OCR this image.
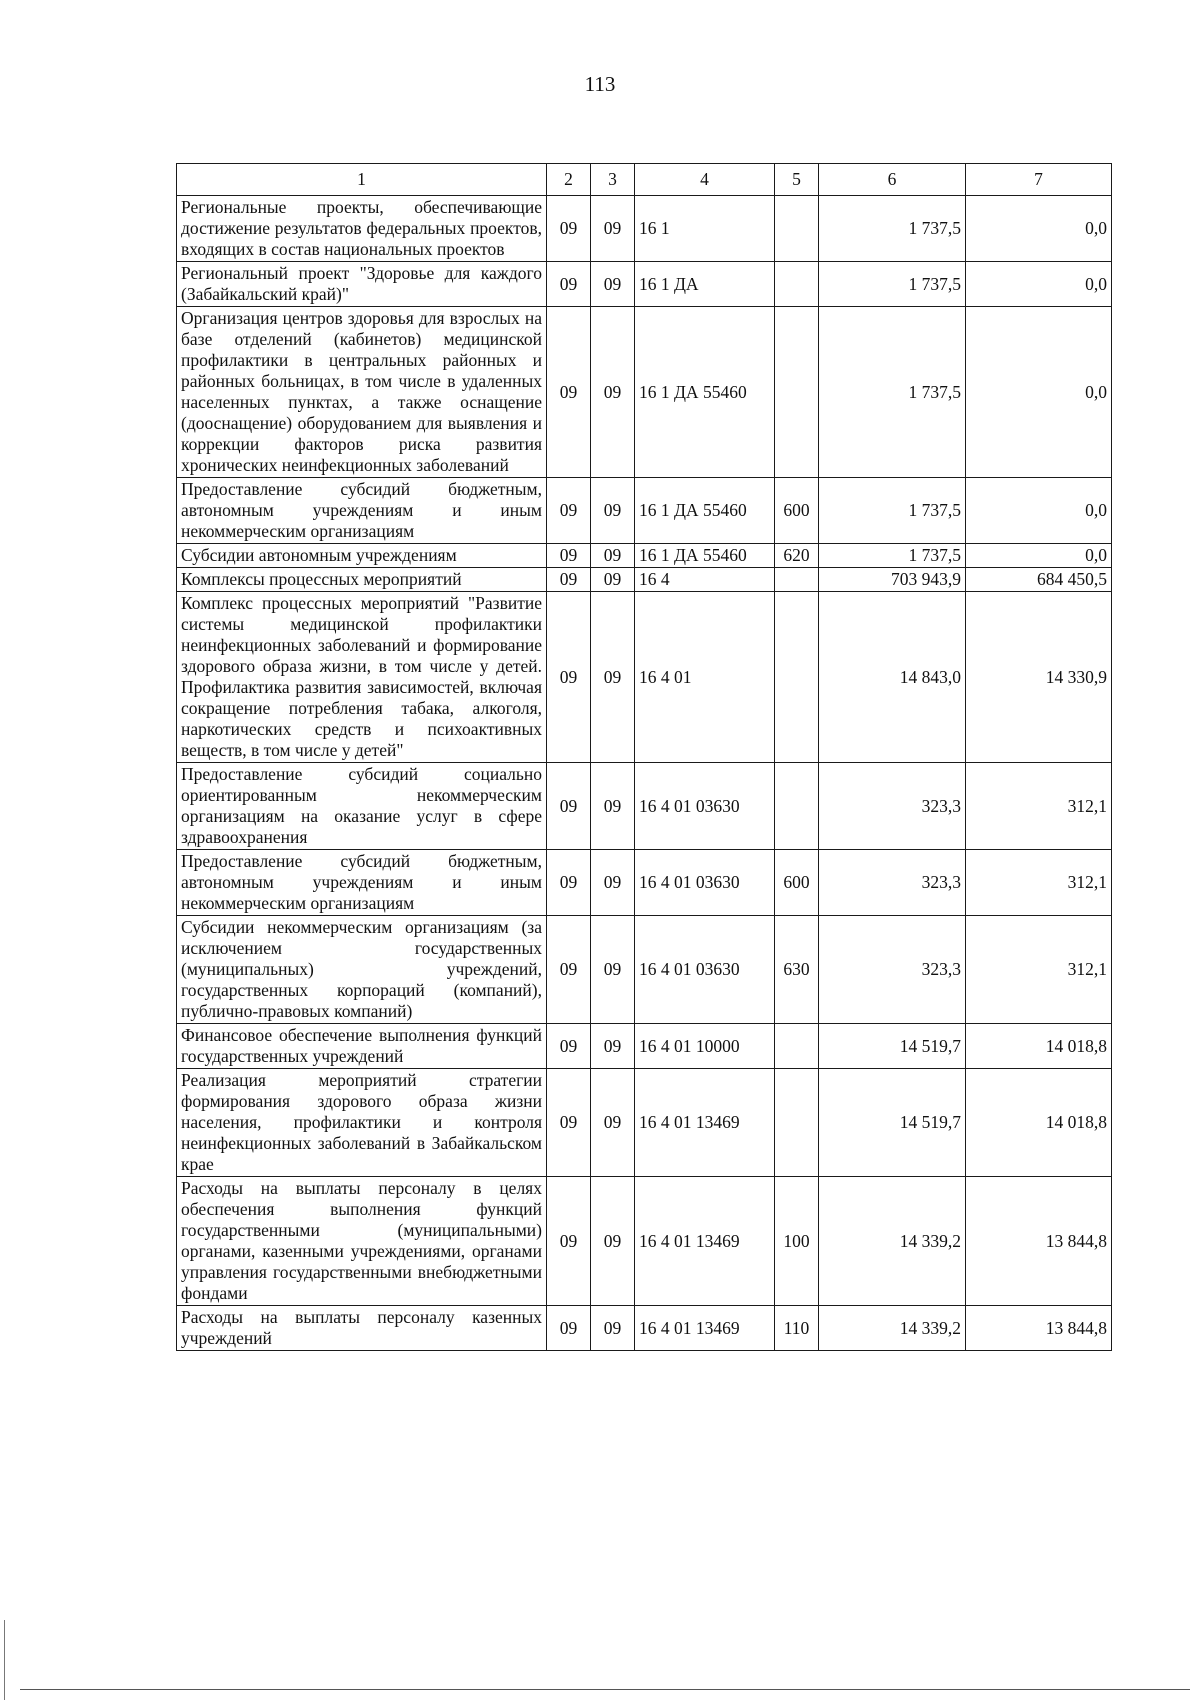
113
1	2	3	4	5	6	7
Региональные проекты, обеспечивающие достижение результатов федеральных проектов, входящих в состав национальных проектов	09	09	16 1		1 737,5	0,0
Региональный проект "Здоровье для каждого (Забайкальский край)"	09	09	16 1 ДА		1 737,5	0,0
Организация центров здоровья для взрослых на базе отделений (кабинетов) медицинской профилактики в центральных районных и районных больницах, в том числе в удаленных населенных пунктах, а также оснащение (дооснащение) оборудованием для выявления и коррекции факторов риска развития хронических неинфекционных заболеваний	09	09	16 1 ДА 55460		1 737,5	0,0
Предоставление субсидий бюджетным, автономным учреждениям и иным некоммерческим организациям	09	09	16 1 ДА 55460	600	1 737,5	0,0
Субсидии автономным учреждениям	09	09	16 1 ДА 55460	620	1 737,5	0,0
Комплексы процессных мероприятий	09	09	16 4		703 943,9	684 450,5
Комплекс процессных мероприятий "Развитие системы медицинской профилактики неинфекционных заболеваний и формирование здорового образа жизни, в том числе у детей. Профилактика развития зависимостей, включая сокращение потребления табака, алкоголя, наркотических средств и психоактивных веществ, в том числе у детей"	09	09	16 4 01		14 843,0	14 330,9
Предоставление субсидий социально ориентированным некоммерческим организациям на оказание услуг в сфере здравоохранения	09	09	16 4 01 03630		323,3	312,1
Предоставление субсидий бюджетным, автономным учреждениям и иным некоммерческим организациям	09	09	16 4 01 03630	600	323,3	312,1
Субсидии некоммерческим организациям (за исключением государственных (муниципальных) учреждений, государственных корпораций (компаний), публично-правовых компаний)	09	09	16 4 01 03630	630	323,3	312,1
Финансовое обеспечение выполнения функций государственных учреждений	09	09	16 4 01 10000		14 519,7	14 018,8
Реализация мероприятий стратегии формирования здорового образа жизни населения, профилактики и контроля неинфекционных заболеваний в Забайкальском крае	09	09	16 4 01 13469		14 519,7	14 018,8
Расходы на выплаты персоналу в целях обеспечения выполнения функций государственными (муниципальными) органами, казенными учреждениями, органами управления государственными внебюджетными фондами	09	09	16 4 01 13469	100	14 339,2	13 844,8
Расходы на выплаты персоналу казенных учреждений	09	09	16 4 01 13469	110	14 339,2	13 844,8
